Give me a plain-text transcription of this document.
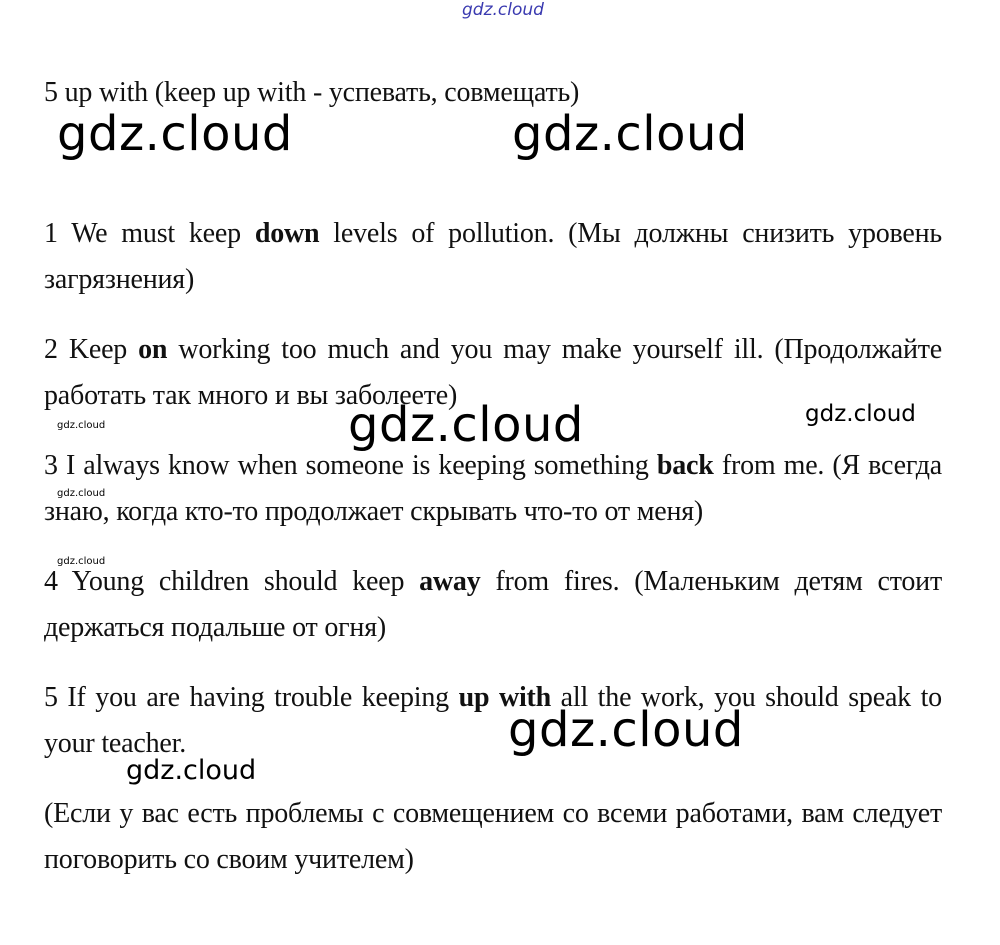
5 up with (keep up with - успевать, совмещать)

1 We must keep down levels of pollution. (Мы должны снизить уровень загрязнения)

2 Keep on working too much and you may make yourself ill. (Продолжайте работать так много и вы заболеете)

3 I always know when someone is keeping something back from me. (Я всегда знаю, когда кто-то продолжает скрывать что-то от меня)

4 Young children should keep away from fires. (Маленьким детям стоит держаться подальше от огня)

5 If you are having trouble keeping up with all the work, you should speak to your teacher.

(Если у вас есть проблемы с совмещением со всеми работами, вам следует поговорить со своим учителем)

gdz.cloud
gdz.cloud	gdz.cloud
gdz.cloud
gdz.cloud
gdz.cloud
gdz.cloud
gdz.cloud
gdz.cloud
gdz.cloud
